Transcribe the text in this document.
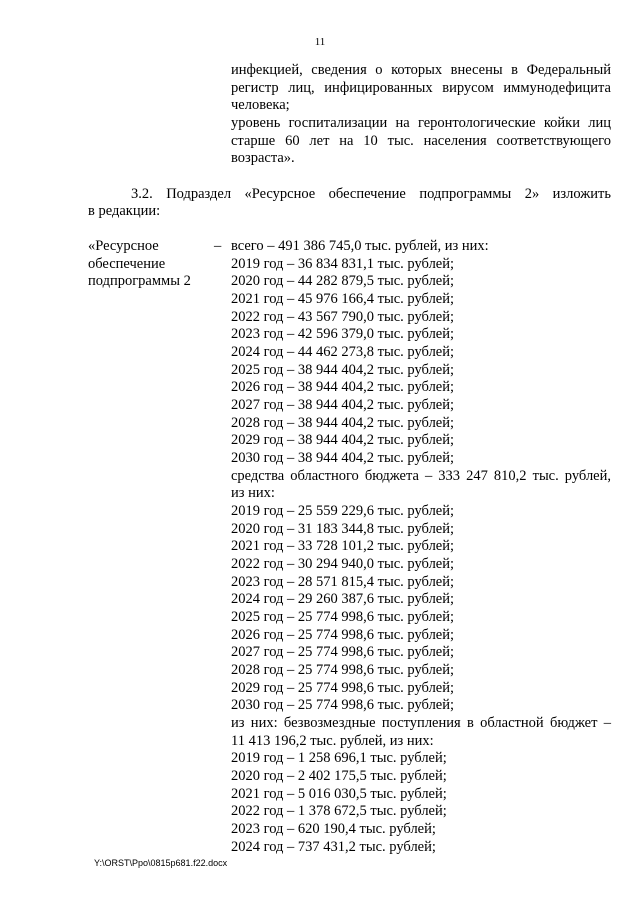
11
инфекцией, сведения о которых внесены в Федеральный
регистр лиц, инфицированных вирусом иммунодефицита
человека;
уровень госпитализации на геронтологические койки лиц
старше 60 лет на 10 тыс. населения соответствующего
возраста».
3.2. Подраздел «Ресурсное обеспечение подпрограммы 2» изложить
в редакции:
«Ресурсное	–
обеспечение
подпрограммы 2
всего – 491 386 745,0 тыс. рублей, из них:
2019 год – 36 834 831,1 тыс. рублей;
2020 год – 44 282 879,5 тыс. рублей;
2021 год – 45 976 166,4 тыс. рублей;
2022 год – 43 567 790,0 тыс. рублей;
2023 год – 42 596 379,0 тыс. рублей;
2024 год – 44 462 273,8 тыс. рублей;
2025 год – 38 944 404,2 тыс. рублей;
2026 год – 38 944 404,2 тыс. рублей;
2027 год – 38 944 404,2 тыс. рублей;
2028 год – 38 944 404,2 тыс. рублей;
2029 год – 38 944 404,2 тыс. рублей;
2030 год – 38 944 404,2 тыс. рублей;
средства областного бюджета – 333 247 810,2 тыс. рублей,
из них:
2019 год – 25 559 229,6 тыс. рублей;
2020 год – 31 183 344,8 тыс. рублей;
2021 год – 33 728 101,2 тыс. рублей;
2022 год – 30 294 940,0 тыс. рублей;
2023 год – 28 571 815,4 тыс. рублей;
2024 год – 29 260 387,6 тыс. рублей;
2025 год – 25 774 998,6 тыс. рублей;
2026 год – 25 774 998,6 тыс. рублей;
2027 год – 25 774 998,6 тыс. рублей;
2028 год – 25 774 998,6 тыс. рублей;
2029 год – 25 774 998,6 тыс. рублей;
2030 год – 25 774 998,6 тыс. рублей;
из них: безвозмездные поступления в областной бюджет –
11 413 196,2 тыс. рублей, из них:
2019 год – 1 258 696,1 тыс. рублей;
2020 год – 2 402 175,5 тыс. рублей;
2021 год – 5 016 030,5 тыс. рублей;
2022 год – 1 378 672,5 тыс. рублей;
2023 год – 620 190,4 тыс. рублей;
2024 год – 737 431,2 тыс. рублей;
Y:\ORST\Ppo\0815p681.f22.docx
